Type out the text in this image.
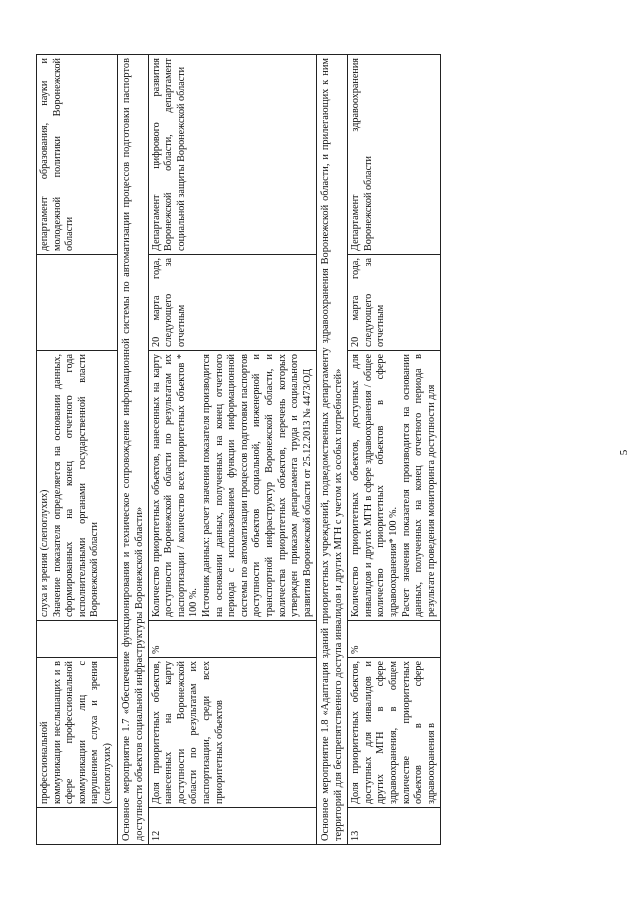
	профессиональной коммуникации неслышащих и в сфере профессиональной коммуникации лиц с нарушением слуха и зрения (слепоглухих)		слуха и зрения (слепоглухих) Значение показателя определяется на основании данных, сформированных на конец отчетного года исполнительными органами государственной власти Воронежской области		департамент образования, науки и молодежной политики Воронежской области
Основное мероприятие 1.7 «Обеспечение функционирования и техническое сопровождение информационной системы по автоматизации процессов подготовки паспортов доступности объектов социальной инфраструктуры Воронежской области»					
12	Доля приоритетных объектов, нанесенных на карту доступности Воронежской области по результатам их паспортизации, среди всех приоритетных объектов	%	Количество приоритетных объектов, нанесенных на карту доступности Воронежской области по результатам их паспортизации / количество всех приоритетных объектов * 100 %. Источник данных: расчет значения показателя производится на основании данных, полученных на конец отчетного периода с использованием функции информационной системы по автоматизации процессов подготовки паспортов доступности объектов социальной, инженерной и транспортной инфраструктур Воронежской области, и количества приоритетных объектов, перечень которых утвержден приказом департамента труда и социального развития Воронежской области от 25.12.2013 № 4473/ОД	20 марта года, следующего за отчетным	Департамент цифрового развития Воронежской области, департамент социальной защиты Воронежской области
Основное мероприятие 1.8 «Адаптация зданий приоритетных учреждений, подведомственных департаменту здравоохранения Воронежской области, и прилегающих к ним территорий для беспрепятственного доступа инвалидов и других МГН с учетом их особых потребностей»					
13	Доля приоритетных объектов, доступных для инвалидов и других МГН в сфере здравоохранения, в общем количестве приоритетных объектов в сфере здравоохранения в	%	Количество приоритетных объектов, доступных для инвалидов и других МГН в сфере здравоохранения / общее количество приоритетных объектов в сфере здравоохранения* 100 %. Расчет значения показателя производится на основании данных, полученных на конец отчетного периода в результате проведения мониторинга доступности для	20 марта года, следующего за отчетным	Департамент здравоохранения Воронежской области
5
